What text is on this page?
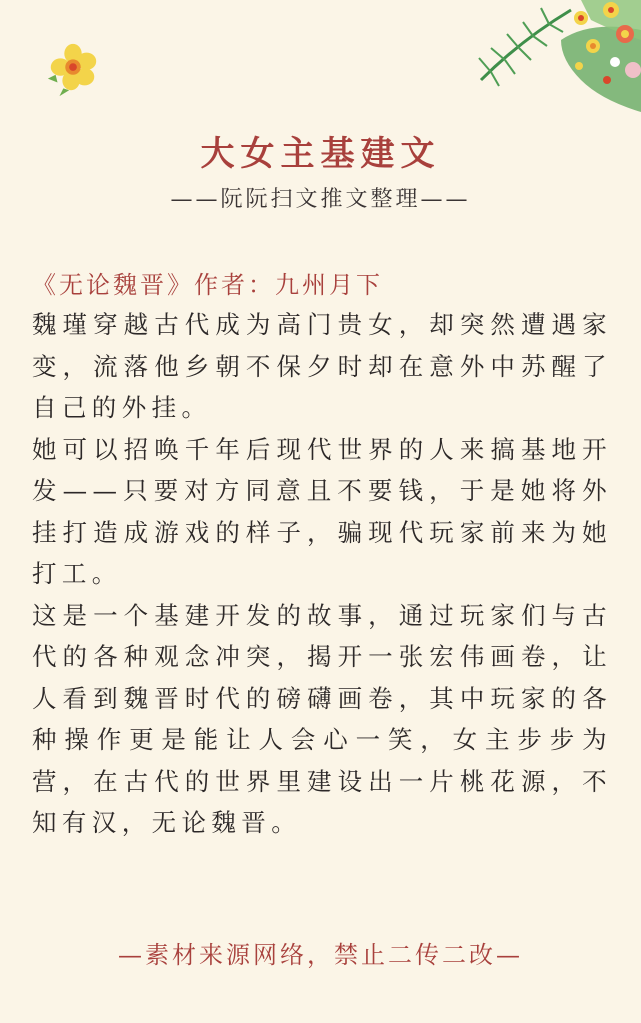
大女主基建文
——阮阮扫文推文整理——
《无论魏晋》作者：九州月下

魏瑾穿越古代成为高门贵女，却突然遭遇家变，流落他乡朝不保夕时却在意外中苏醒了自己的外挂。

她可以招唤千年后现代世界的人来搞基地开发——只要对方同意且不要钱，于是她将外挂打造成游戏的样子，骗现代玩家前来为她打工。

这是一个基建开发的故事，通过玩家们与古代的各种观念冲突，揭开一张宏伟画卷，让人看到魏晋时代的磅礴画卷，其中玩家的各种操作更是能让人会心一笑，女主步步为营，在古代的世界里建设出一片桃花源，不知有汉，无论魏晋。

—素材来源网络，禁止二传二改—
